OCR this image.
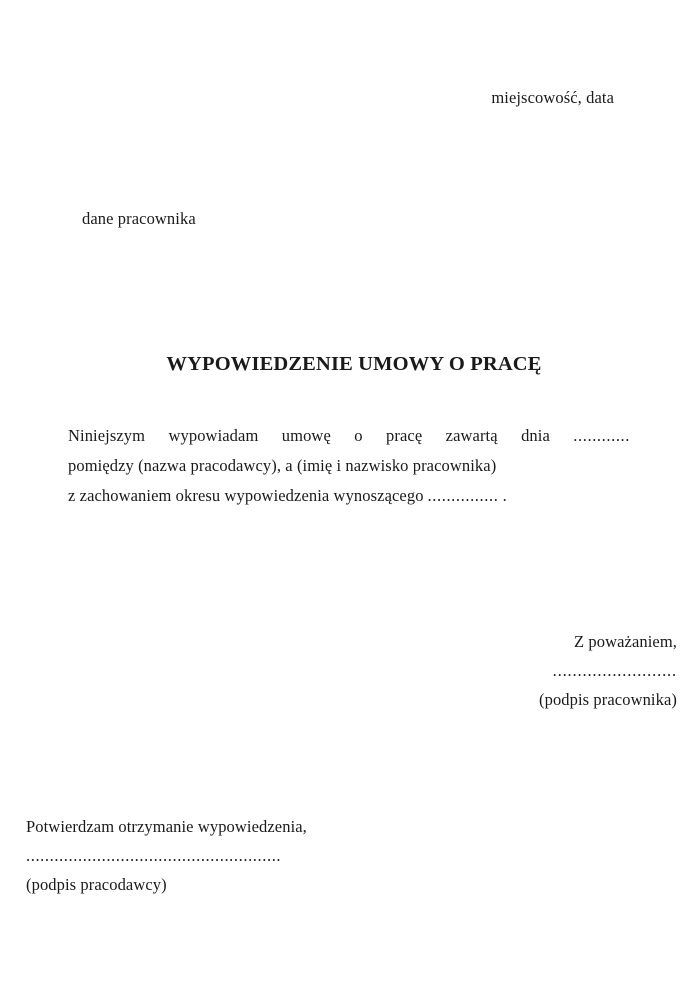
miejscowość, data
dane pracownika
WYPOWIEDZENIE UMOWY O PRACĘ
Niniejszym wypowiadam umowę o pracę zawartą dnia ............
pomiędzy (nazwa pracodawcy), a (imię i nazwisko pracownika)
z zachowaniem okresu wypowiedzenia wynoszącego ............... .
Z poważaniem,
.........................
(podpis pracownika)
Potwierdzam otrzymanie wypowiedzenia,
......................................................
(podpis pracodawcy)
